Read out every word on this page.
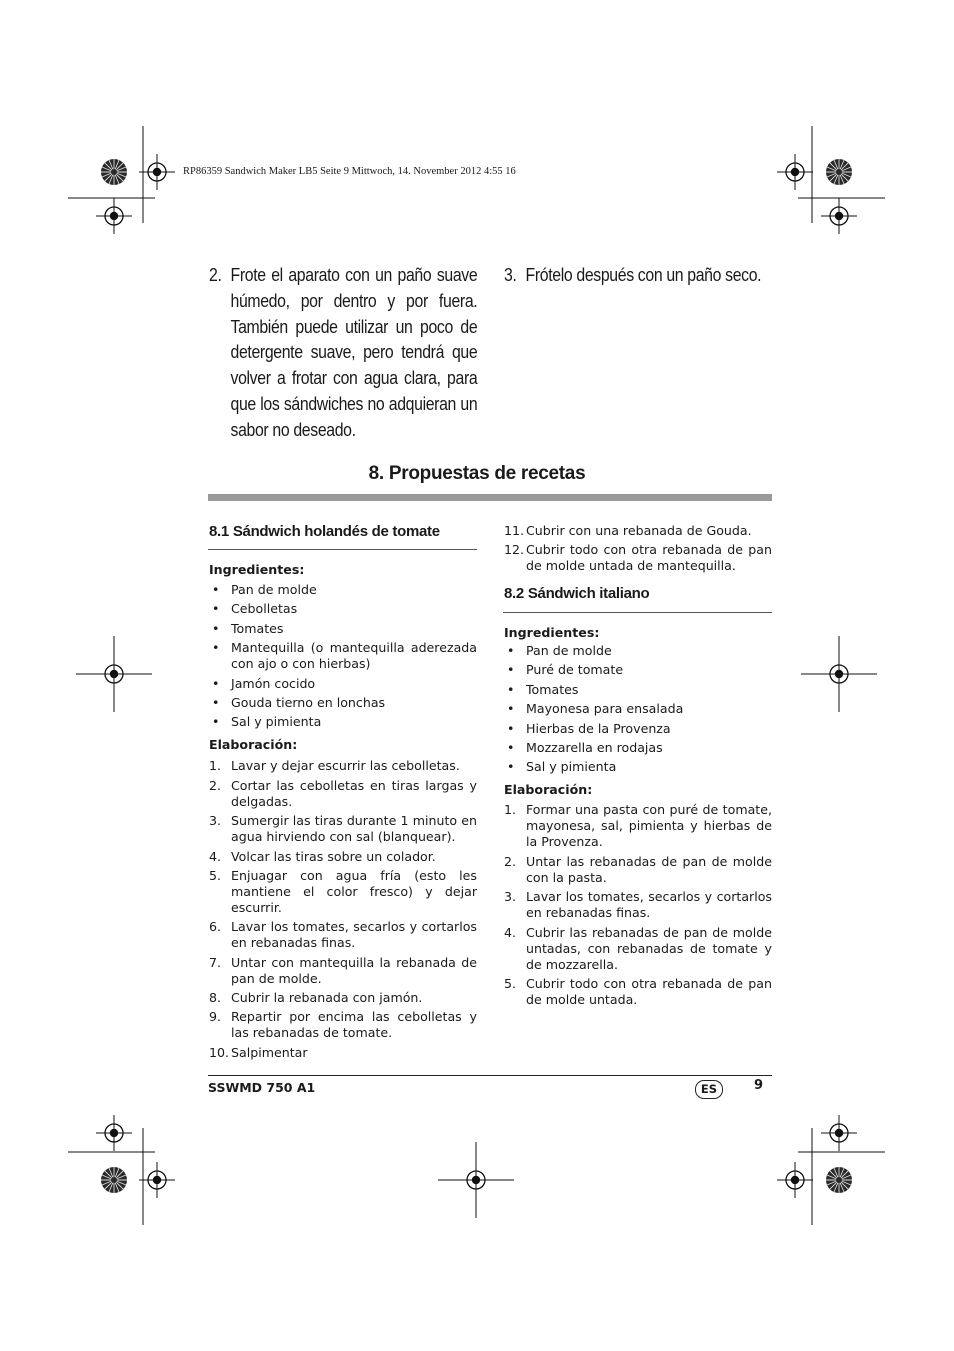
RP86359 Sandwich Maker LB5 Seite 9 Mittwoch, 14. November 2012 4:55 16
2. Frote el aparato con un paño suave húmedo, por dentro y por fuera. También puede utilizar un poco de detergente suave, pero tendrá que volver a frotar con agua clara, para que los sándwiches no adquieran un sabor no deseado.
3. Frótelo después con un paño seco.
8. Propuestas de recetas
8.1 Sándwich holandés de tomate

Ingredientes:

• Pan de molde
• Cebolletas
• Tomates
• Mantequilla (o mantequilla aderezada con ajo o con hierbas)
• Jamón cocido
• Gouda tierno en lonchas
• Sal y pimienta

Elaboración:

1. Lavar y dejar escurrir las cebolletas.
2. Cortar las cebolletas en tiras largas y delgadas.
3. Sumergir las tiras durante 1 minuto en agua hirviendo con sal (blanquear).
4. Volcar las tiras sobre un colador.
5. Enjuagar con agua fría (esto les mantiene el color fresco) y dejar escurrir.
6. Lavar los tomates, secarlos y cortarlos en rebanadas finas.
7. Untar con mantequilla la rebanada de pan de molde.
8. Cubrir la rebanada con jamón.
9. Repartir por encima las cebolletas y las rebanadas de tomate.
10. Salpimentar
11. Cubrir con una rebanada de Gouda.
12. Cubrir todo con otra rebanada de pan de molde untada de mantequilla.
8.2 Sándwich italiano

Ingredientes:

• Pan de molde
• Puré de tomate
• Tomates
• Mayonesa para ensalada
• Hierbas de la Provenza
• Mozzarella en rodajas
• Sal y pimienta

Elaboración:

1. Formar una pasta con puré de tomate, mayonesa, sal, pimienta y hierbas de la Provenza.
2. Untar las rebanadas de pan de molde con la pasta.
3. Lavar los tomates, secarlos y cortarlos en rebanadas finas.
4. Cubrir las rebanadas de pan de molde untadas, con rebanadas de tomate y de mozzarella.
5. Cubrir todo con otra rebanada de pan de molde untada.
SSWMD 750 A1	ES	9
